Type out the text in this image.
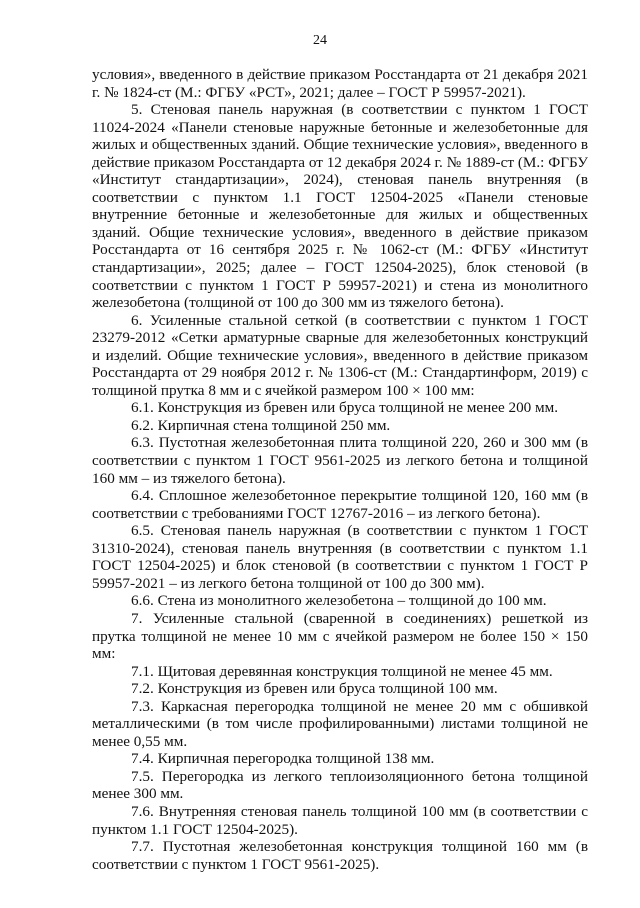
24

условия», введенного в действие приказом Росстандарта от 21 декабря 2021 г. № 1824-ст (М.: ФГБУ «РСТ», 2021; далее – ГОСТ Р 59957-2021).

5. Стеновая панель наружная (в соответствии с пунктом 1 ГОСТ 11024-2024 «Панели стеновые наружные бетонные и железобетонные для жилых и общественных зданий. Общие технические условия», введенного в действие приказом Росстандарта от 12 декабря 2024 г. № 1889-ст (М.: ФГБУ «Институт стандартизации», 2024), стеновая панель внутренняя (в соответствии с пунктом 1.1 ГОСТ 12504-2025 «Панели стеновые внутренние бетонные и железобетонные для жилых и общественных зданий. Общие технические условия», введенного в действие приказом Росстандарта от 16 сентября 2025 г. № 1062-ст (М.: ФГБУ «Институт стандартизации», 2025; далее – ГОСТ 12504-2025), блок стеновой (в соответствии с пунктом 1 ГОСТ Р 59957-2021) и стена из монолитного железобетона (толщиной от 100 до 300 мм из тяжелого бетона).

6. Усиленные стальной сеткой (в соответствии с пунктом 1 ГОСТ 23279-2012 «Сетки арматурные сварные для железобетонных конструкций и изделий. Общие технические условия», введенного в действие приказом Росстандарта от 29 ноября 2012 г. № 1306-ст (М.: Стандартинформ, 2019) с толщиной прутка 8 мм и с ячейкой размером 100 × 100 мм:

6.1. Конструкция из бревен или бруса толщиной не менее 200 мм.

6.2. Кирпичная стена толщиной 250 мм.

6.3. Пустотная железобетонная плита толщиной 220, 260 и 300 мм (в соответствии с пунктом 1 ГОСТ 9561-2025 из легкого бетона и толщиной 160 мм – из тяжелого бетона).

6.4. Сплошное железобетонное перекрытие толщиной 120, 160 мм (в соответствии с требованиями ГОСТ 12767-2016 – из легкого бетона).

6.5. Стеновая панель наружная (в соответствии с пунктом 1 ГОСТ 31310-2024), стеновая панель внутренняя (в соответствии с пунктом 1.1 ГОСТ 12504-2025) и блок стеновой (в соответствии с пунктом 1 ГОСТ Р 59957-2021 – из легкого бетона толщиной от 100 до 300 мм).

6.6. Стена из монолитного железобетона – толщиной до 100 мм.

7. Усиленные стальной (сваренной в соединениях) решеткой из прутка толщиной не менее 10 мм с ячейкой размером не более 150 × 150 мм:

7.1. Щитовая деревянная конструкция толщиной не менее 45 мм.

7.2. Конструкция из бревен или бруса толщиной 100 мм.

7.3. Каркасная перегородка толщиной не менее 20 мм с обшивкой металлическими (в том числе профилированными) листами толщиной не менее 0,55 мм.

7.4. Кирпичная перегородка толщиной 138 мм.

7.5. Перегородка из легкого теплоизоляционного бетона толщиной менее 300 мм.

7.6. Внутренняя стеновая панель толщиной 100 мм (в соответствии с пунктом 1.1 ГОСТ 12504-2025).

7.7. Пустотная железобетонная конструкция толщиной 160 мм (в соответствии с пунктом 1 ГОСТ 9561-2025).
